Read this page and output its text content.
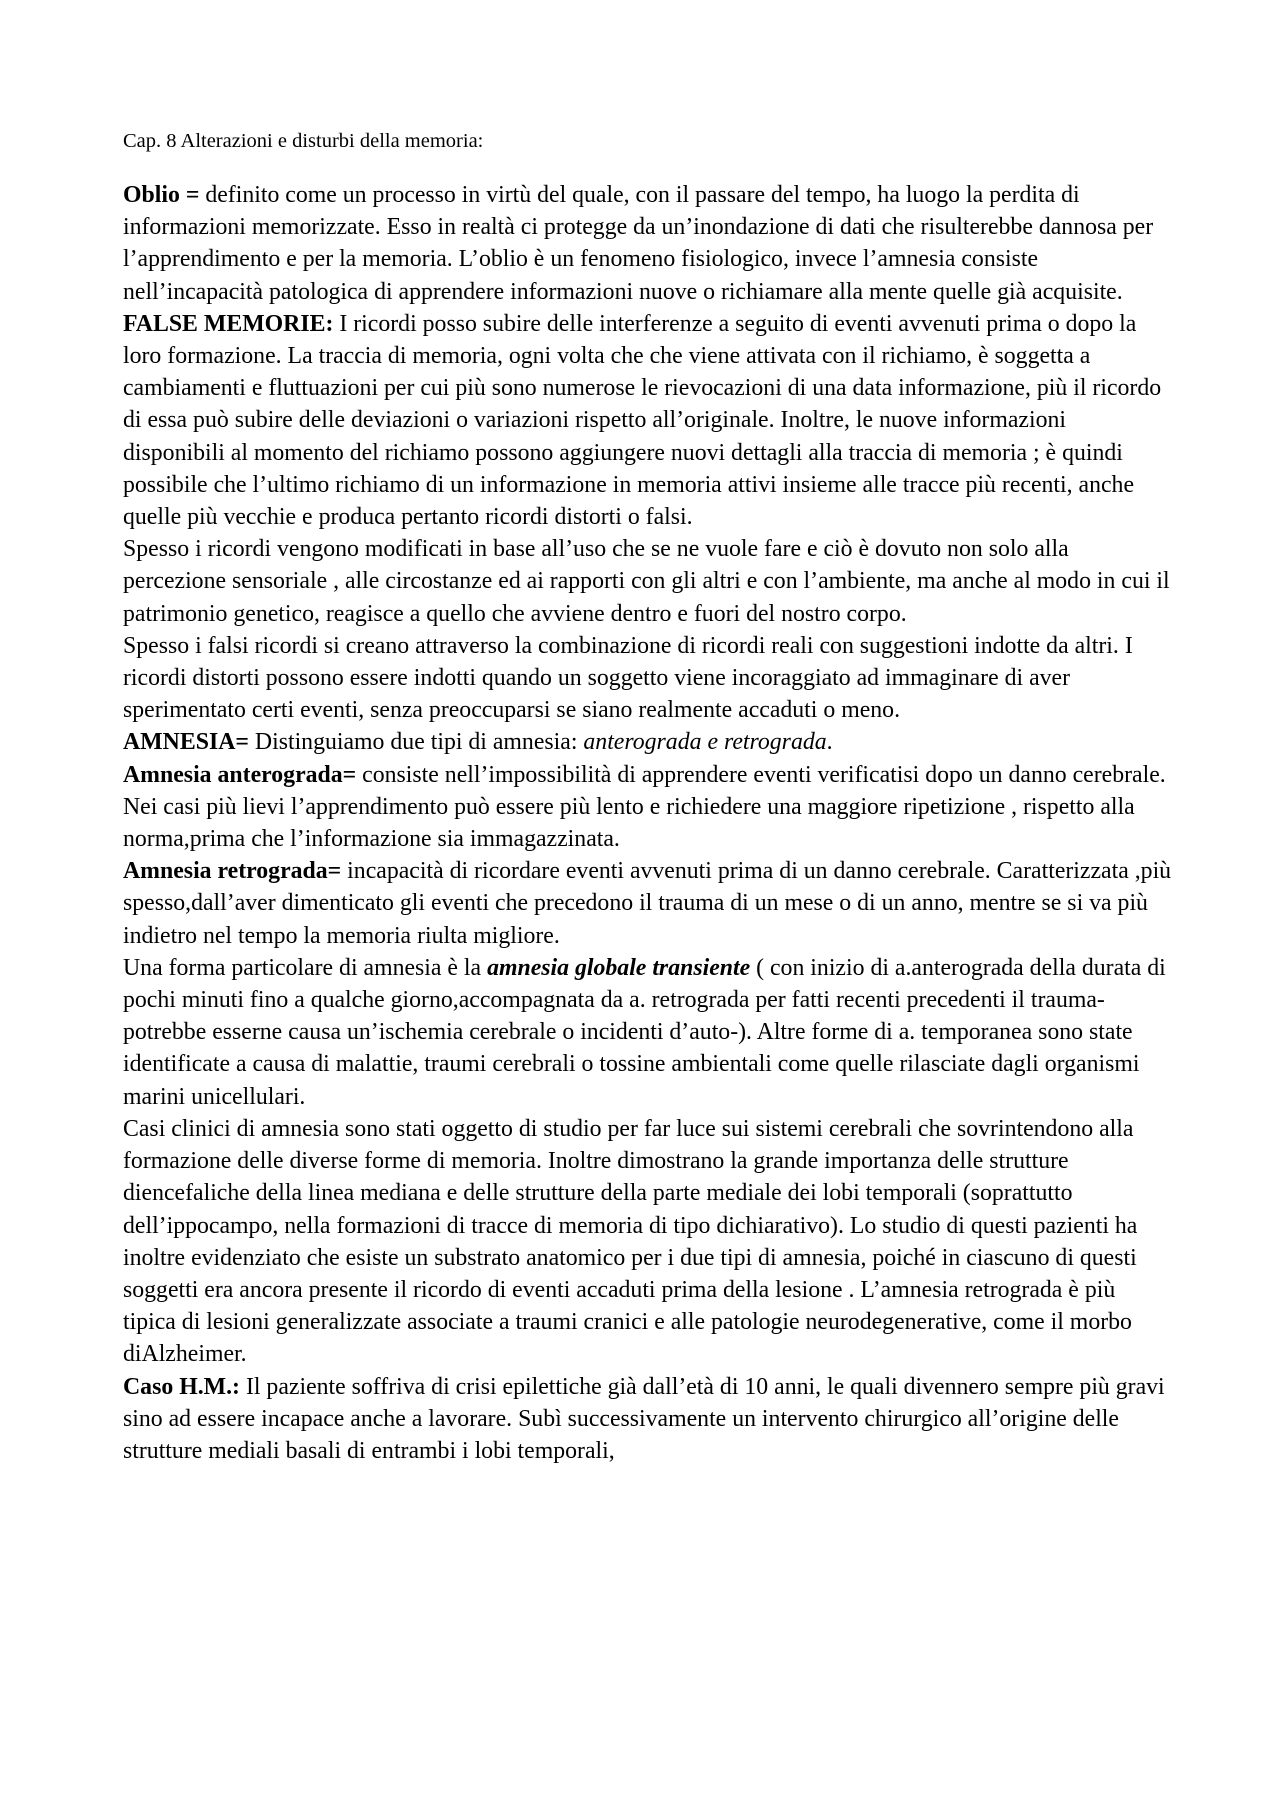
Cap. 8 Alterazioni e disturbi della memoria:

Oblio = definito come un processo in virtù del quale, con il passare del tempo, ha luogo la perdita di informazioni memorizzate. Esso in realtà ci protegge da un’inondazione di dati che risulterebbe dannosa per l’apprendimento e per la memoria. L’oblio è un fenomeno fisiologico, invece l’amnesia consiste nell’incapacità patologica di apprendere informazioni nuove o richiamare alla mente quelle già acquisite.

FALSE MEMORIE: I ricordi posso subire delle interferenze a seguito di eventi avvenuti prima o dopo la loro formazione. La traccia di memoria, ogni volta che che viene attivata con il richiamo, è soggetta a cambiamenti e fluttuazioni per cui più sono numerose le rievocazioni di una data informazione, più il ricordo di essa può subire delle deviazioni o variazioni rispetto all’originale. Inoltre, le nuove informazioni disponibili al momento del richiamo possono aggiungere nuovi dettagli alla traccia di memoria ; è quindi possibile che l’ultimo richiamo di un informazione in memoria attivi insieme alle tracce più recenti, anche quelle più vecchie e produca pertanto ricordi distorti o falsi.

Spesso i ricordi vengono modificati in base all’uso che se ne vuole fare e ciò è dovuto non solo alla percezione sensoriale , alle circostanze ed ai rapporti con gli altri e con l’ambiente, ma anche al modo in cui il patrimonio genetico, reagisce a quello che avviene dentro e fuori del nostro corpo.

Spesso i falsi ricordi si creano attraverso la combinazione di ricordi reali con suggestioni indotte da altri. I ricordi distorti possono essere indotti quando un soggetto viene incoraggiato ad immaginare di aver sperimentato certi eventi, senza preoccuparsi se siano realmente accaduti o meno.

AMNESIA= Distinguiamo due tipi di amnesia: anterograda e retrograda.

Amnesia anterograda= consiste nell’impossibilità di apprendere eventi verificatisi dopo un danno cerebrale. Nei casi più lievi l’apprendimento può essere più lento e richiedere una maggiore ripetizione , rispetto alla norma,prima che l’informazione sia immagazzinata.

Amnesia retrograda= incapacità di ricordare eventi avvenuti prima di un danno cerebrale. Caratterizzata ,più spesso,dall’aver dimenticato gli eventi che precedono il trauma di un mese o di un anno, mentre se si va più indietro nel tempo la memoria riulta migliore.

Una forma particolare di amnesia è la amnesia globale transiente ( con inizio di a.anterograda della durata di pochi minuti fino a qualche giorno,accompagnata da a. retrograda per fatti recenti precedenti il trauma-potrebbe esserne causa un’ischemia cerebrale o incidenti d’auto-). Altre forme di a. temporanea sono state identificate a causa di malattie, traumi cerebrali o tossine ambientali come quelle rilasciate dagli organismi marini unicellulari.

Casi clinici di amnesia sono stati oggetto di studio per far luce sui sistemi cerebrali che sovrintendono alla formazione delle diverse forme di memoria. Inoltre dimostrano la grande importanza delle strutture diencefaliche della linea mediana e delle strutture della parte mediale dei lobi temporali (soprattutto dell’ippocampo, nella formazioni di tracce di memoria di tipo dichiarativo). Lo studio di questi pazienti ha inoltre evidenziato che esiste un substrato anatomico per i due tipi di amnesia, poiché in ciascuno di questi soggetti era ancora presente il ricordo di eventi accaduti prima della lesione . L’amnesia retrograda è più tipica di lesioni generalizzate associate a traumi cranici e alle patologie neurodegenerative, come il morbo diAlzheimer.

Caso H.M.: Il paziente soffriva di crisi epilettiche già dall’età di 10 anni, le quali divennero sempre più gravi sino ad essere incapace anche a lavorare. Subì successivamente un intervento chirurgico all’origine delle strutture mediali basali di entrambi i lobi temporali,
